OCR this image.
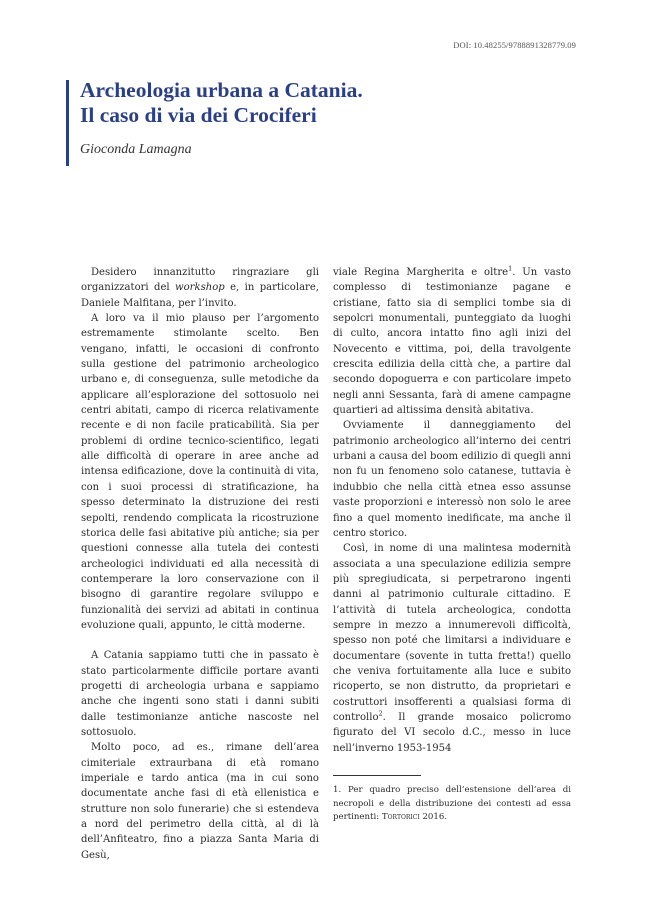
DOI: 10.48255/9788891328779.09
Archeologia urbana a Catania.
Il caso di via dei Crociferi
Gioconda Lamagna

Desidero innanzitutto ringraziare gli organizzatori del workshop e, in particolare, Daniele Malfitana, per l’invito.

A loro va il mio plauso per l’argomento estremamente stimolante scelto. Ben vengano, infatti, le occasioni di confronto sulla gestione del patrimonio archeologico urbano e, di conseguenza, sulle metodiche da applicare all’esplorazione del sottosuolo nei centri abitati, campo di ricerca relativamente recente e di non facile praticabilità. Sia per problemi di ordine tecnico-scientifico, legati alle difficoltà di operare in aree anche ad intensa edificazione, dove la continuità di vita, con i suoi processi di stratificazione, ha spesso determinato la distruzione dei resti sepolti, rendendo complicata la ricostruzione storica delle fasi abitative più antiche; sia per questioni connesse alla tutela dei contesti archeologici individuati ed alla necessità di contemperare la loro conservazione con il bisogno di garantire regolare sviluppo e funzionalità dei servizi ad abitati in continua evoluzione quali, appunto, le città moderne.

A Catania sappiamo tutti che in passato è stato particolarmente difficile portare avanti progetti di archeologia urbana e sappiamo anche che ingenti sono stati i danni subiti dalle testimonianze antiche nascoste nel sottosuolo.

Molto poco, ad es., rimane dell’area cimiteriale extraurbana di età romano imperiale e tardo antica (ma in cui sono documentate anche fasi di età ellenistica e strutture non solo funerarie) che si estendeva a nord del perimetro della città, al di là dell’Anfiteatro, fino a piazza Santa Maria di Gesù,

viale Regina Margherita e oltre$^1$. Un vasto complesso di testimonianze pagane e cristiane, fatto sia di semplici tombe sia di sepolcri monumentali, punteggiato da luoghi di culto, ancora intatto fino agli inizi del Novecento e vittima, poi, della travolgente crescita edilizia della città che, a partire dal secondo dopoguerra e con particolare impeto negli anni Sessanta, farà di amene campagne quartieri ad altissima densità abitativa.

Ovviamente il danneggiamento del patrimonio archeologico all’interno dei centri urbani a causa del boom edilizio di quegli anni non fu un fenomeno solo catanese, tuttavia è indubbio che nella città etnea esso assunse vaste proporzioni e interessò non solo le aree fino a quel momento inedificate, ma anche il centro storico.

Così, in nome di una malintesa modernità associata a una speculazione edilizia sempre più spregiudicata, si perpetrarono ingenti danni al patrimonio culturale cittadino. E l’attività di tutela archeologica, condotta sempre in mezzo a innumerevoli difficoltà, spesso non poté che limitarsi a individuare e documentare (sovente in tutta fretta!) quello che veniva fortuitamente alla luce e subito ricoperto, se non distrutto, da proprietari e costruttori insofferenti a qualsiasi forma di controllo$^2$. Il grande mosaico policromo figurato del VI secolo d.C., messo in luce nell’inverno 1953-1954

1. Per quadro preciso dell’estensione dell’area di necropoli e della distribuzione dei contesti ad essa pertinenti: Tortorici 2016.
